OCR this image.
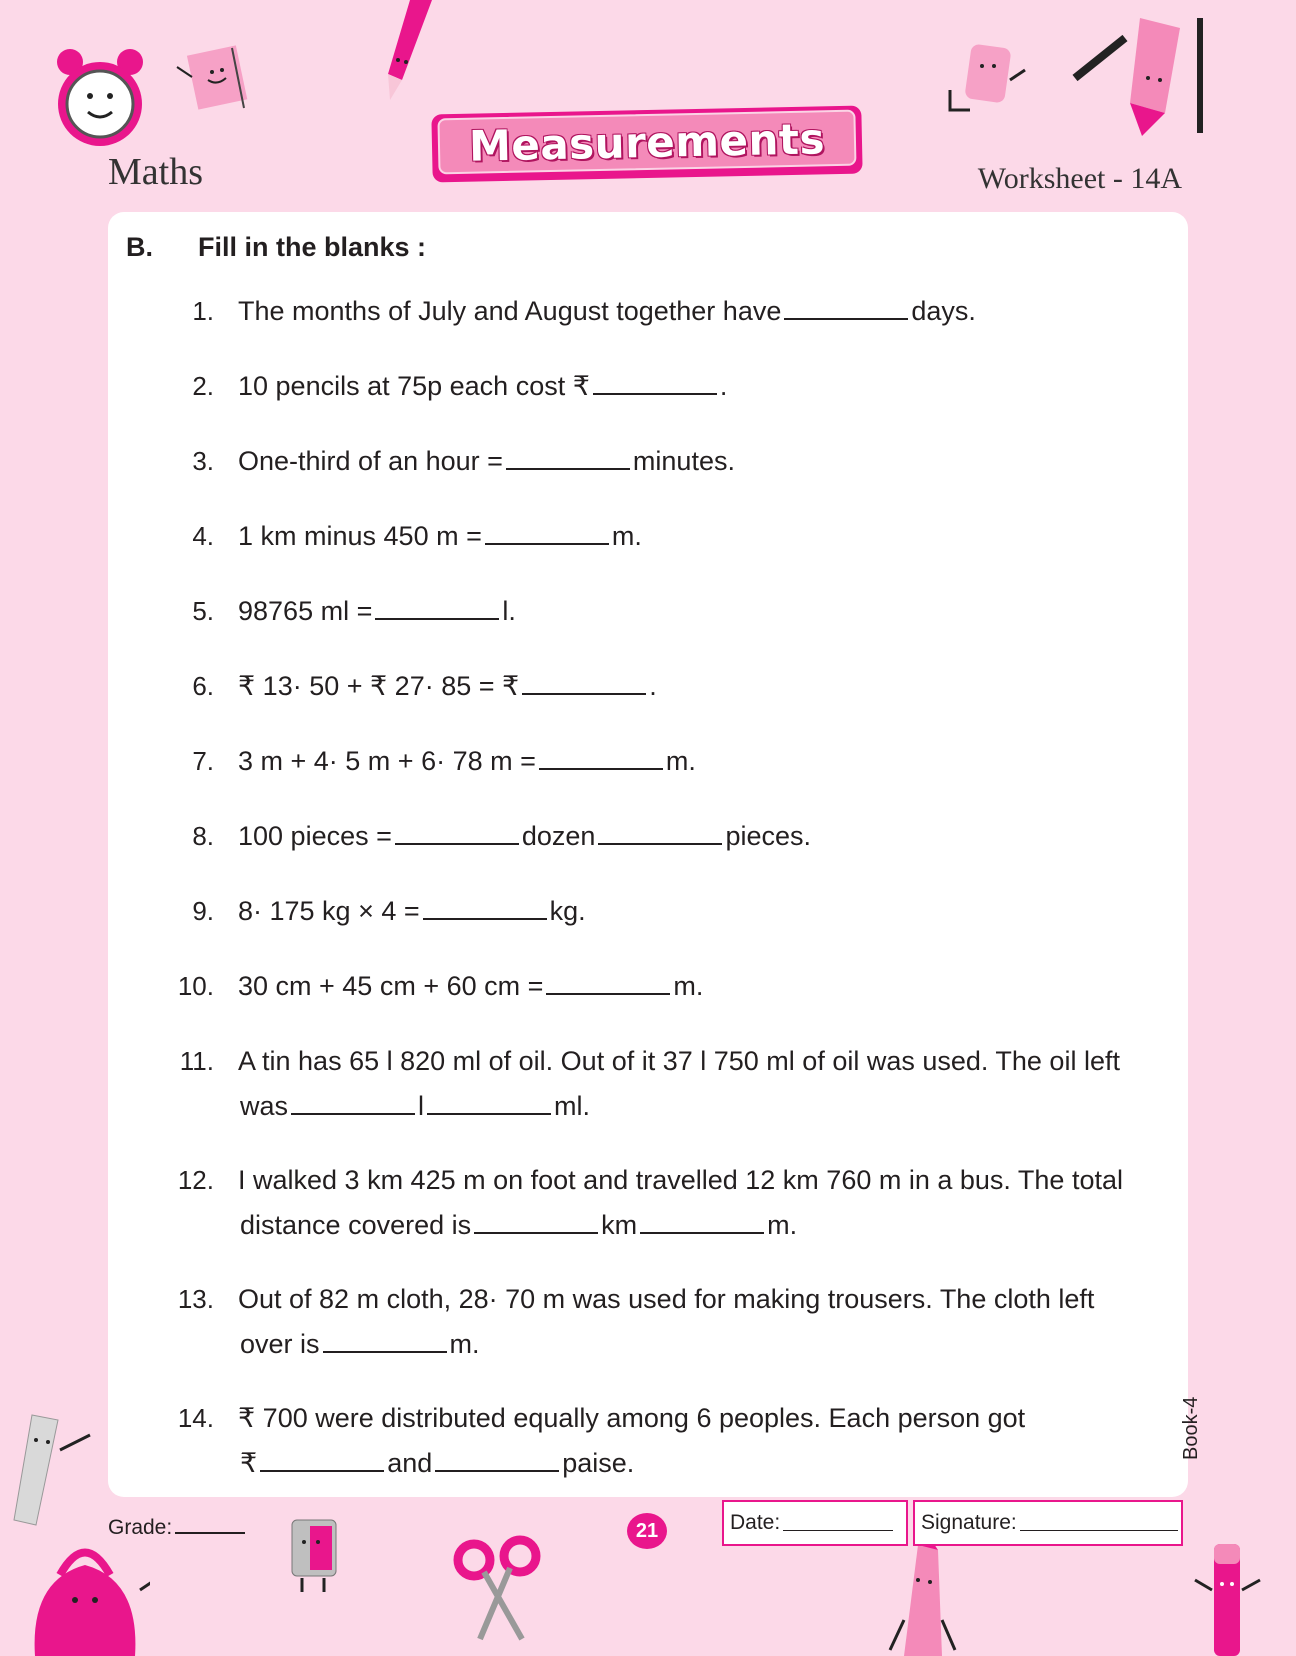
Maths
Measurements
Worksheet - 14A
B. Fill in the blanks :
1. The months of July and August together have	days.
2. 10 pencils at 75p each cost ₹	.
3. One-third of an hour =	minutes.
4. 1 km minus 450 m =	m.
5. 98765 ml =	l.
6. ₹ 13· 50 + ₹ 27· 85 = ₹	.
7. 3 m + 4· 5 m + 6· 78 m =	m.
8. 100 pieces =	dozen	pieces.
9. 8· 175 kg × 4 =	kg.
10. 30 cm + 45 cm + 60 cm =	m.
11. A tin has 65 l 820 ml of oil. Out of it 37 l 750 ml of oil was used. The oil left
was	l	ml.
12. I walked 3 km 425 m on foot and travelled 12 km 760 m in a bus. The total
distance covered is	km	m.
13. Out of 82 m cloth, 28· 70 m was used for making trousers. The cloth left
over is	m.
14. ₹ 700 were distributed equally among 6 peoples. Each person got
₹	and	paise.
Book-4
Grade:	21	Date:	Signature:
